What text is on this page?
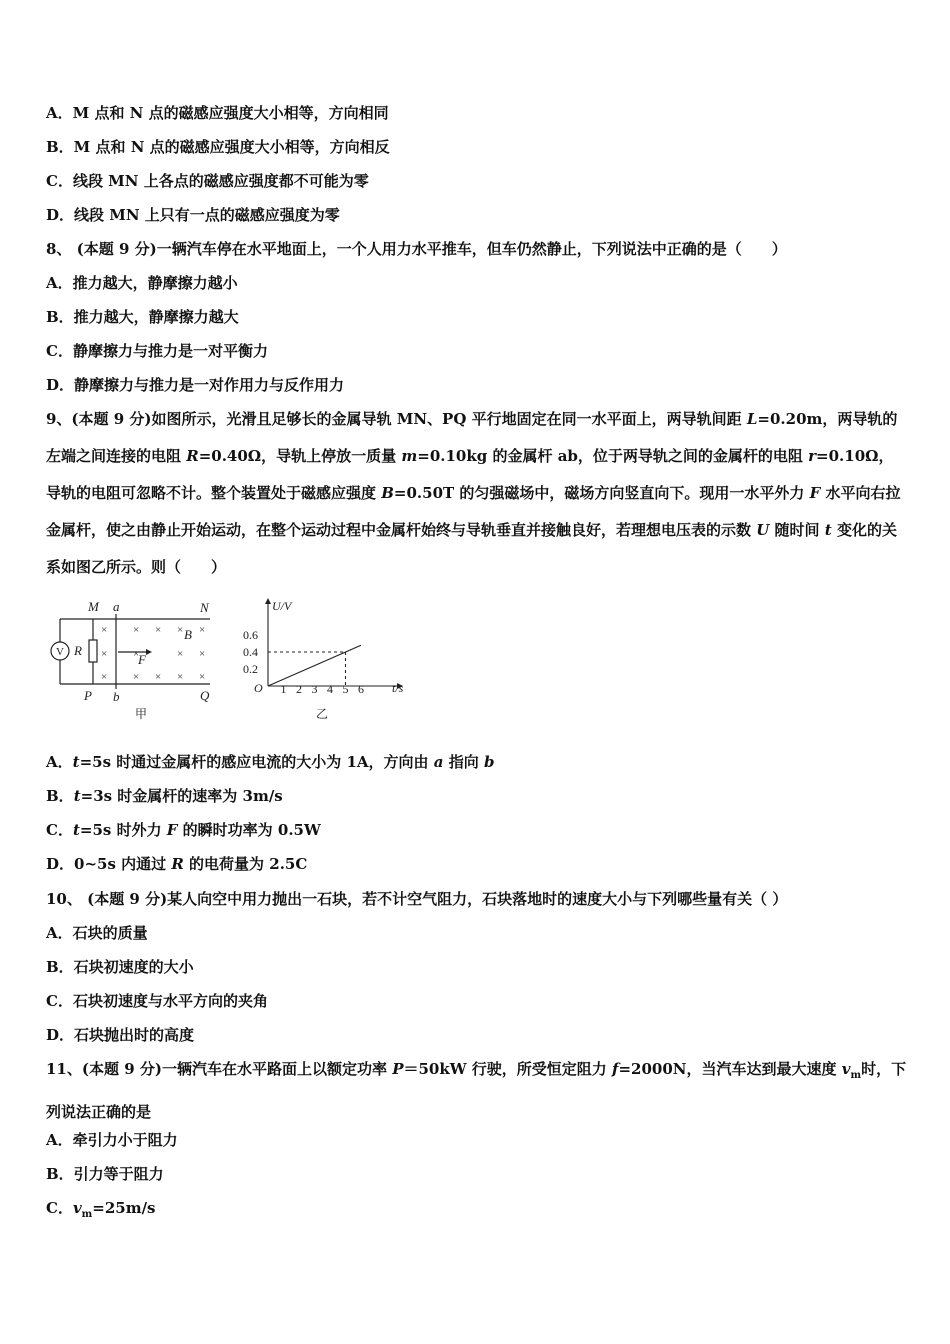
A．M 点和 N 点的磁感应强度大小相等，方向相同
B．M 点和 N 点的磁感应强度大小相等，方向相反
C．线段 MN 上各点的磁感应强度都不可能为零
D．线段 MN 上只有一点的磁感应强度为零
8、 (本题 9 分)一辆汽车停在水平地面上，一个人用力水平推车，但车仍然静止，下列说法中正确的是（　　）
A．推力越大，静摩擦力越小
B．推力越大，静摩擦力越大
C．静摩擦力与推力是一对平衡力
D．静摩擦力与推力是一对作用力与反作用力
9、(本题 9 分)如图所示，光滑且足够长的金属导轨 MN、PQ 平行地固定在同一水平面上，两导轨间距 L=0.20m，两导轨的左端之间连接的电阻 R=0.40Ω，导轨上停放一质量 m=0.10kg 的金属杆 ab，位于两导轨之间的金属杆的电阻 r=0.10Ω，导轨的电阻可忽略不计。整个装置处于磁感应强度 B=0.50T 的匀强磁场中，磁场方向竖直向下。现用一水平外力 F 水平向右拉金属杆，使之由静止开始运动，在整个运动过程中金属杆始终与导轨垂直并接触良好，若理想电压表的示数 U 随时间 t 变化的关系如图乙所示。则（　　）
V R
M a	N
P b	Q
B
F
甲
× × × × ×
× ×	× ×
× × × × ×
U/V
t/s
O
0.6
0.4
0.2
1 2 3 4 5 6
乙
A．t=5s 时通过金属杆的感应电流的大小为 1A，方向由 a 指向 b
B．t=3s 时金属杆的速率为 3m/s
C．t=5s 时外力 F 的瞬时功率为 0.5W
D．0~5s 内通过 R 的电荷量为 2.5C
10、 (本题 9 分)某人向空中用力抛出一石块，若不计空气阻力，石块落地时的速度大小与下列哪些量有关（ ）
A．石块的质量
B．石块初速度的大小
C．石块初速度与水平方向的夹角
D．石块抛出时的高度
11、(本题 9 分)一辆汽车在水平路面上以额定功率 P＝50kW 行驶，所受恒定阻力 f=2000N，当汽车达到最大速度 $v_m$时，下列说法正确的是
A．牵引力小于阻力
B．引力等于阻力
C．$v_m=25m/s$
